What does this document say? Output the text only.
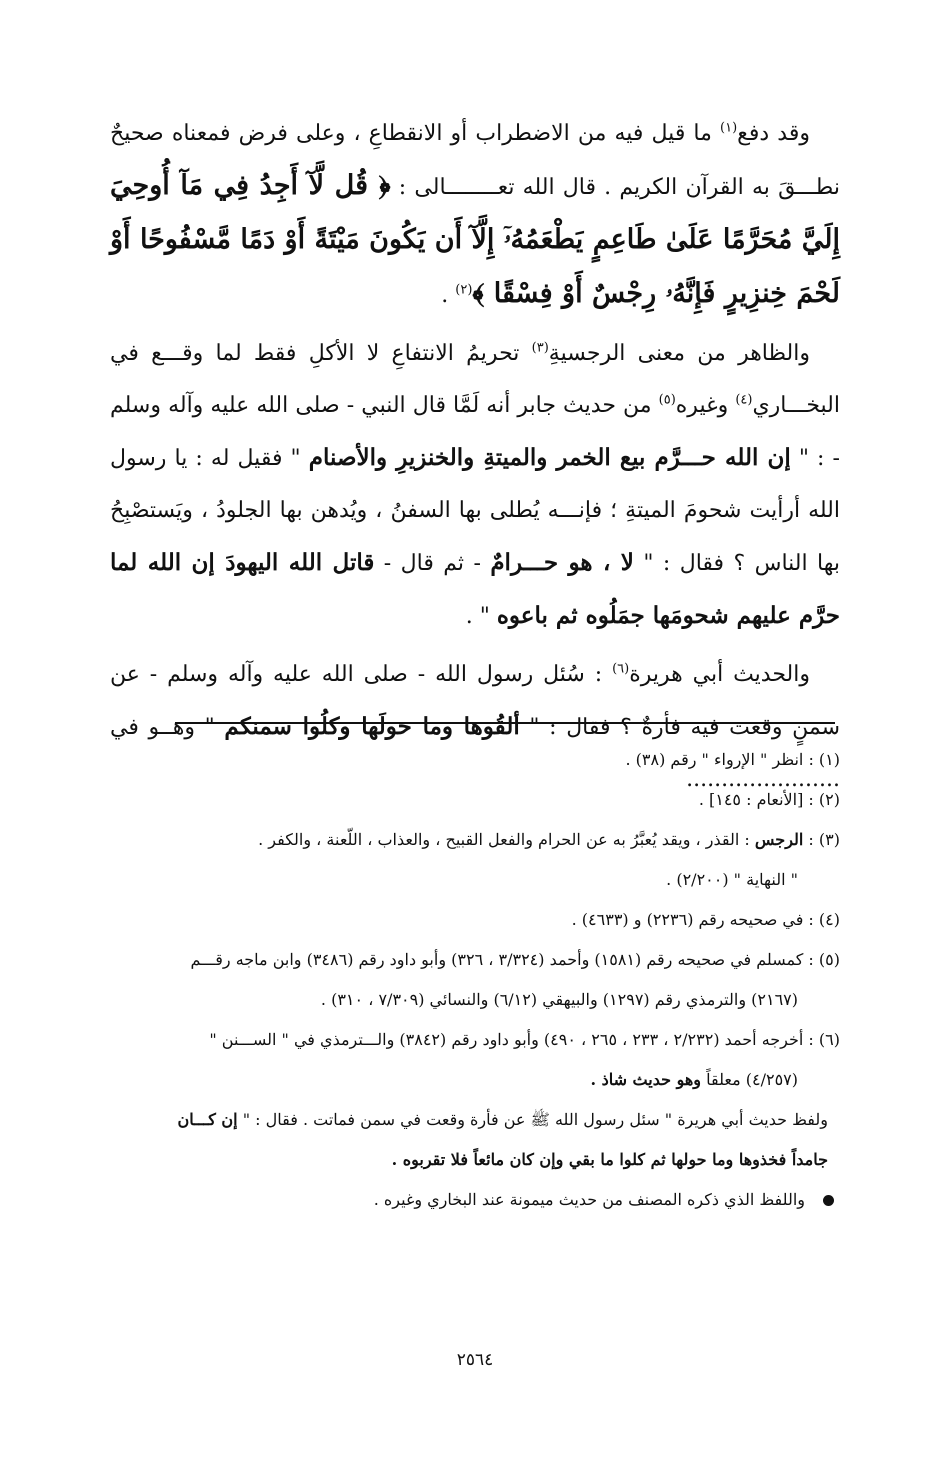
وقد دفع$^{(١)}$ ما قيل فيه من الاضطراب أو الانقطاعِ ، وعلى فرض فمعناه صحيحٌ نطـــقَ به القرآن الكريم . قال الله تعــــــــالى : ﴿ قُل لَّآ أَجِدُ فِي مَآ أُوحِيَ إِلَيَّ مُحَرَّمًا عَلَىٰ طَاعِمٍ يَطْعَمُهُۥٓ إِلَّآ أَن يَكُونَ مَيْتَةً أَوْ دَمًا مَّسْفُوحًا أَوْ لَحْمَ خِنزِيرٍ فَإِنَّهُۥ رِجْسٌ أَوْ فِسْقًا ﴾$^{(٢)}$ .

والظاهر من معنى الرجسيةِ$^{(٣)}$ تحريمُ الانتفاعِ لا الأكلِ فقط لما وقـــع في البخـــاري$^{(٤)}$ وغيره$^{(٥)}$ من حديث جابر أنه لَمَّا قال النبي - صلى الله عليه وآله وسلم - : " إن الله حـــرَّم بيع الخمر والميتةِ والخنزيرِ والأصنام " فقيل له : يا رسول الله أرأيت شحومَ الميتةِ ؛ فإنـــه يُطلى بها السفنُ ، ويُدهن بها الجلودُ ، ويَستصْبِحُ بها الناس ؟ فقال : " لا ، هو حـــرامٌ - ثم قال - قاتل الله اليهودَ إن الله لما حرَّم عليهم شحومَها جمَلُوه ثم باعوه " .

والحديث أبي هريرة$^{(٦)}$ : سُئل رسول الله - صلى الله عليه وآله وسلم - عن سمنٍ وقعت فيه فأرةٌ ؟ فقال : " ألقُوها وما حولَها وكلُوا سمنكم " وهــو في ......................

(١) : انظر " الإرواء " رقم (٣٨) .

(٢) : [الأنعام : ١٤٥] .

(٣) : الرجس : القذر ، ويقد يُعبَّرُ به عن الحرام والفعل القبيح ، والعذاب ، اللّعنة ، والكفر .
" النهاية " (٢/٢٠٠) .

(٤) : في صحيحه رقم (٢٢٣٦) و (٤٦٣٣) .

(٥) : كمسلم في صحيحه رقم (١٥٨١) وأحمد (٣/٣٢٤ ، ٣٢٦) وأبو داود رقم (٣٤٨٦) وابن ماجه رقـــم
(٢١٦٧) والترمذي رقم (١٢٩٧) والبيهقي (٦/١٢) والنسائي (٧/٣٠٩ ، ٣١٠) .

(٦) : أخرجه أحمد (٢/٢٣٢ ، ٢٣٣ ، ٢٦٥ ، ٤٩٠) وأبو داود رقم (٣٨٤٢) والـــترمذي في " الســـنن "
(٤/٢٥٧) معلقاً وهو حديث شاذ .

ولفظ حديث أبي هريرة " سئل رسول الله ﷺ عن فأرة وقعت في سمن فماتت . فقال : " إن كـــان
جامداً فخذوها وما حولها ثم كلوا ما بقي وإن كان مائعاً فلا تقربوه .

واللفظ الذي ذكره المصنف من حديث ميمونة عند البخاري وغيره .

٢٥٦٤
